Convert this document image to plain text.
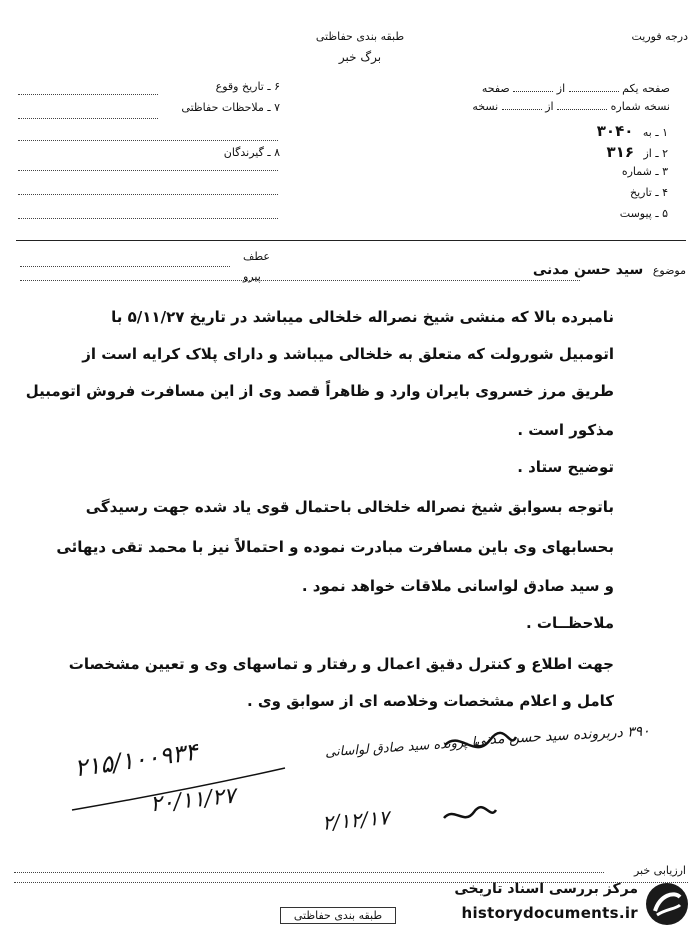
طبقه بندی حفاظتی
برگ خبر
درجه فوریت
صفحه یکم  از  صفحه
نسخه شماره  از  نسخه
۱ ـ به ۳۰۴۰
۲ ـ از ۳۱۶
۳ ـ شماره
۴ ـ تاریخ
۵ ـ پیوست
۶ ـ تاریخ وقوع
۷ ـ ملاحظات حفاظتی
۸ ـ گیرندگان
عطف
پیرو	موضوع سید حسن مدنی
نامبرده بالا که منشی شیخ نصراله خلخالی میباشد در تاریخ ۵/۱۱/۲۷ با
اتومبیل شورولت که متعلق به خلخالی میباشد و دارای پلاک کرایه است از
طریق مرز خسروی بایران وارد و ظاهراً قصد وی از این مسافرت فروش اتومبیل
مذکور است .
توضیح ستاد .
باتوجه بسوابق شیخ نصراله خلخالی باحتمال قوی یاد شده جهت رسیدگی
بحسابهای وی باین مسافرت مبادرت نموده و احتمالاً نیز با محمد تقی دیهائی
و سید صادق لواسانی ملاقات خواهد نمود .
ملاحظــات .
جهت اطلاع و کنترل دقیق اعمال و رفتار و تماسهای وی و تعیین مشخصات
کامل و اعلام مشخصات وخلاصه ای از سوابق وی .
۳۹۰ دربرونده سید حسن مدنی
با پرونده سید صادق لواسانی
۲۱۵/۱۰۰۹۳۴
۲۰/۱۱/۲۷
۲/۱۲/۱۷
ارزیابی خبر
طبقه بندی حفاظتی
مرکز بررسی اسناد تاریخی
historydocuments.ir
